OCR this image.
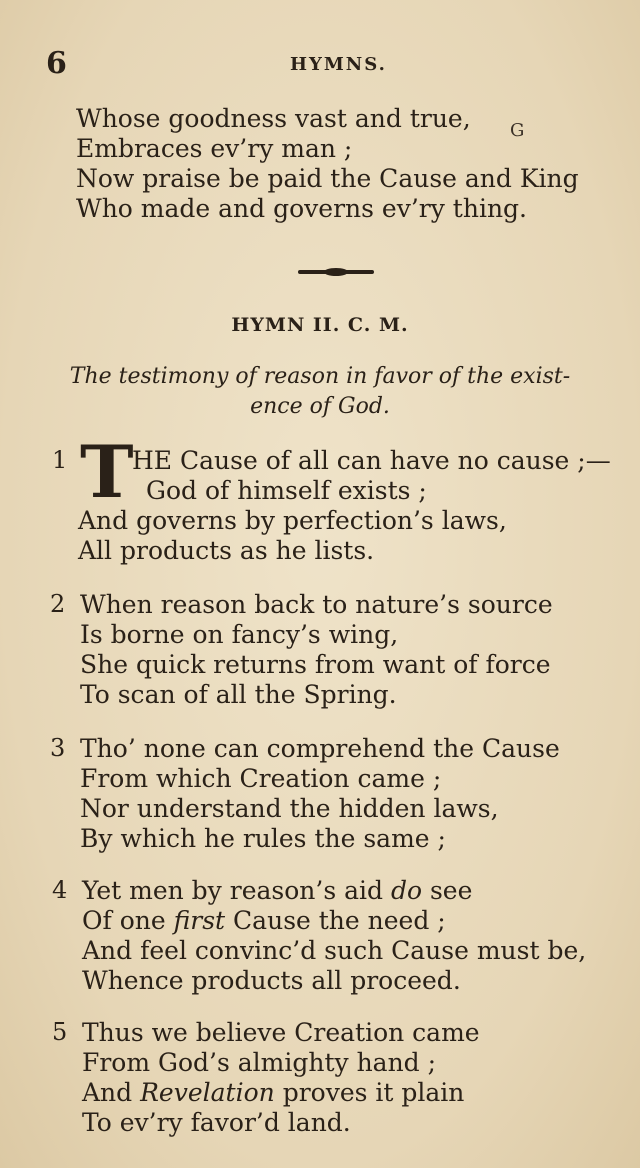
6	HYMNS.
Whose goodness vast and true,
Embraces ev’ry man ;
Now praise be paid the Cause and King
Who made and governs ev’ry thing.
G
HYMN II. C. M.
The testimony of reason in favor of the exist-
ence of God.
1 T
HE Cause of all can have no cause ;—
God of himself exists ;
And governs by perfection’s laws,
All products as he lists.
2 When reason back to nature’s source
Is borne on fancy’s wing,
She quick returns from want of force
To scan of all the Spring.
3 Tho’ none can comprehend the Cause
From which Creation came ;
Nor understand the hidden laws,
By which he rules the same ;
4 Yet men by reason’s aid do see
Of one first Cause the need ;
And feel convinc’d such Cause must be,
Whence products all proceed.
5 Thus we believe Creation came
From God’s almighty hand ;
And Revelation proves it plain
To ev’ry favor’d land.
